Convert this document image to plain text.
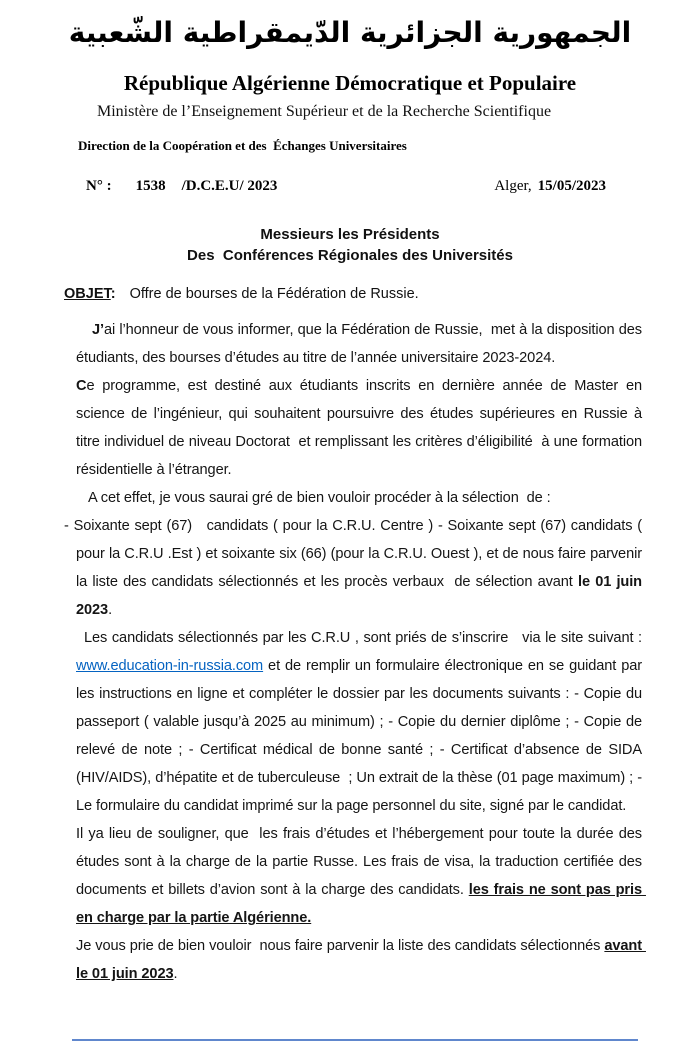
الجمهورية الجزائرية الدّيمقراطية الشّعبية
République Algérienne Démocratique et Populaire
Ministère de l’Enseignement Supérieur et de la Recherche Scientifique
Direction de la Coopération et des  Échanges Universitaires
N° : 1538 /D.C.E.U/ 2023	Alger, 15/05/2023
Messieurs les Présidents
Des  Conférences Régionales des Universités
OBJET: Offre de bourses de la Fédération de Russie.

J’ai l’honneur de vous informer, que la Fédération de Russie,  met à la disposition des étudiants, des bourses d’études au titre de l’année universitaire 2023-2024.

Ce programme, est destiné aux étudiants inscrits en dernière année de Master en science de l’ingénieur, qui souhaitent poursuivre des études supérieures en Russie à titre individuel de niveau Doctorat  et remplissant les critères d’éligibilité  à une formation résidentielle à l’étranger.

A cet effet, je vous saurai gré de bien vouloir procéder à la sélection  de :

- Soixante sept (67)   candidats ( pour la C.R.U. Centre ) - Soixante sept (67) candidats ( pour la C.R.U .Est ) et soixante six (66) (pour la C.R.U. Ouest ), et de nous faire parvenir la liste des candidats sélectionnés et les procès verbaux  de sélection avant le 01 juin 2023.

Les candidats sélectionnés par les C.R.U , sont priés de s’inscrire   via le site suivant : www.education-in-russia.com et de remplir un formulaire électronique en se guidant par les instructions en ligne et compléter le dossier par les documents suivants : - Copie du passeport ( valable jusqu’à 2025 au minimum) ; - Copie du dernier diplôme ; - Copie de relevé de note ; - Certificat médical de bonne santé ; - Certificat d’absence de SIDA (HIV/AIDS), d’hépatite et de tuberculeuse  ; Un extrait de la thèse (01 page maximum) ; - Le formulaire du candidat imprimé sur la page personnel du site, signé par le candidat.

Il ya lieu de souligner, que  les frais d’études et l’hébergement pour toute la durée des études sont à la charge de la partie Russe. Les frais de visa, la traduction certifiée des documents et billets d’avion sont à la charge des candidats. les frais ne sont pas pris en charge par la partie Algérienne.

Je vous prie de bien vouloir  nous faire parvenir la liste des candidats sélectionnés avant le 01 juin 2023.
